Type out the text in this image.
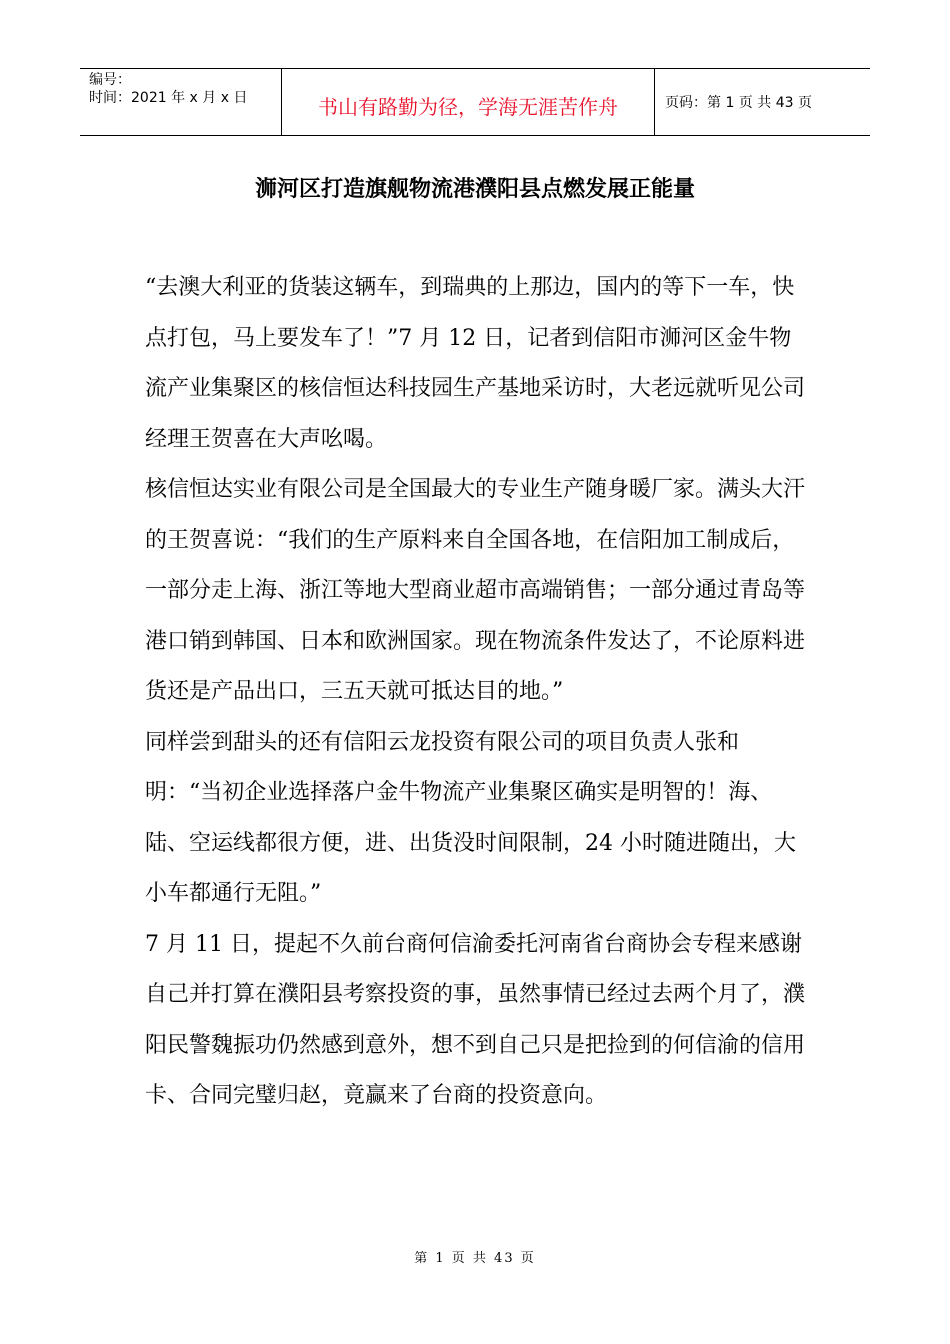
编号：
时间：2021 年 x 月 x 日	书山有路勤为径，学海无涯苦作舟	页码：第 1 页 共 43 页
浉河区打造旗舰物流港濮阳县点燃发展正能量

“去澳大利亚的货装这辆车，到瑞典的上那边，国内的等下一车，快点打包，马上要发车了！”7 月 12 日，记者到信阳市浉河区金牛物流产业集聚区的核信恒达科技园生产基地采访时，大老远就听见公司经理王贺喜在大声吆喝。

核信恒达实业有限公司是全国最大的专业生产随身暖厂家。满头大汗的王贺喜说：“我们的生产原料来自全国各地，在信阳加工制成后，一部分走上海、浙江等地大型商业超市高端销售；一部分通过青岛等港口销到韩国、日本和欧洲国家。现在物流条件发达了，不论原料进货还是产品出口，三五天就可抵达目的地。”

同样尝到甜头的还有信阳云龙投资有限公司的项目负责人张和明：“当初企业选择落户金牛物流产业集聚区确实是明智的！海、陆、空运线都很方便，进、出货没时间限制，24 小时随进随出，大小车都通行无阻。”

7 月 11 日，提起不久前台商何信渝委托河南省台商协会专程来感谢自己并打算在濮阳县考察投资的事，虽然事情已经过去两个月了，濮阳民警魏振功仍然感到意外，想不到自己只是把捡到的何信渝的信用卡、合同完璧归赵，竟赢来了台商的投资意向。

第 1 页 共 43 页
